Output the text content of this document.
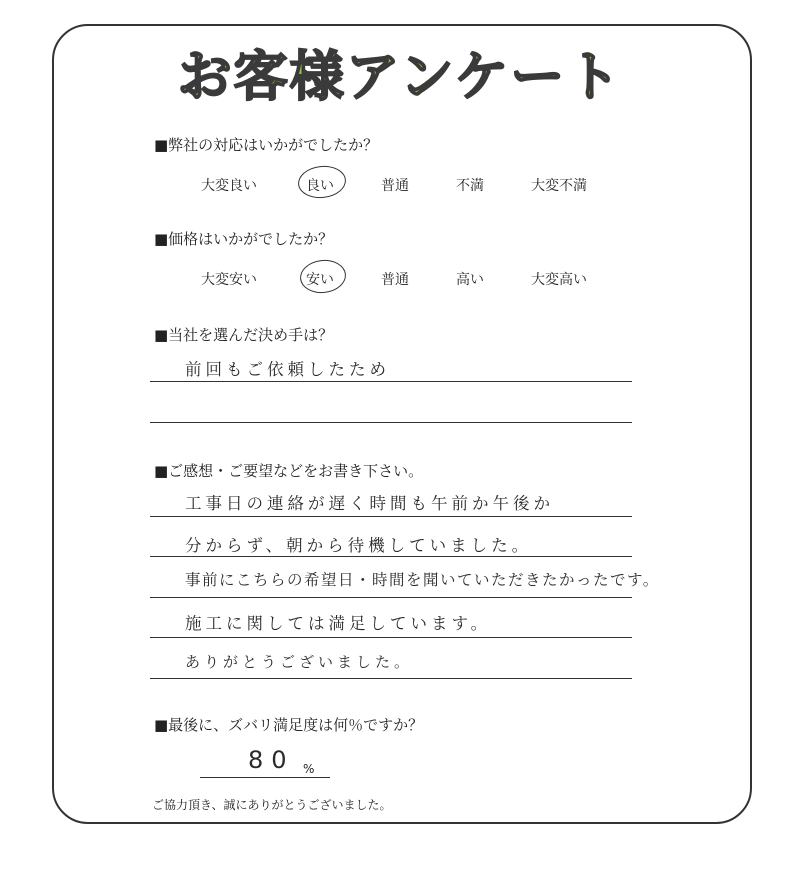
お客様アンケート
■弊社の対応はいかがでしたか？
大変良い	良い	普通	不満	大変不満
■価格はいかがでしたか？
大変安い	安い	普通	高い	大変高い
■当社を選んだ決め手は？
前回もご依頼したため
■ご感想・ご要望などをお書き下さい。
工事日の連絡が遅く時間も午前か午後か
分からず、朝から待機していました。
事前にこちらの希望日・時間を聞いていただきたかったです。
施工に関しては満足しています。
ありがとうございました。
■最後に、ズバリ満足度は何％ですか？
80 %
ご協力頂き、誠にありがとうございました。
